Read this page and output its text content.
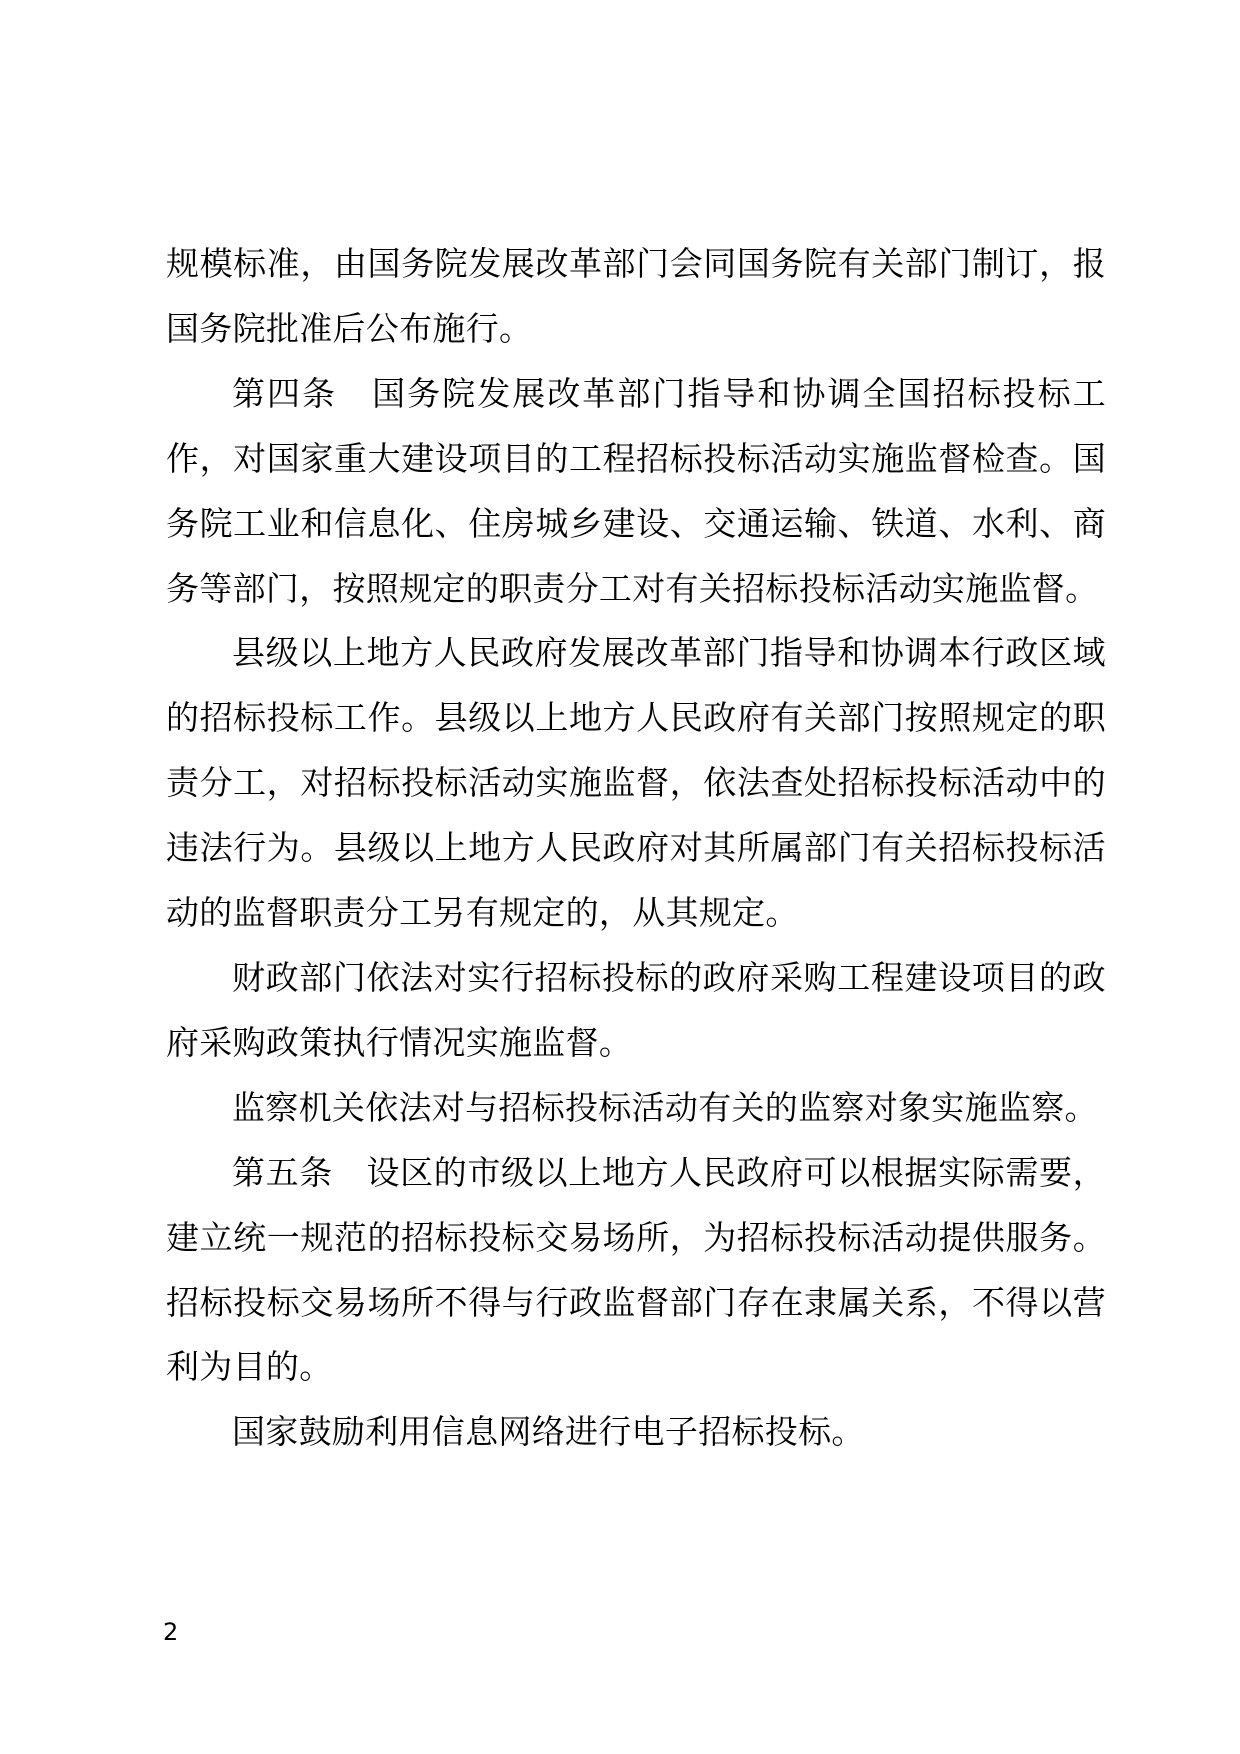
规模标准，由国务院发展改革部门会同国务院有关部门制订，报国务院批准后公布施行。

第四条　国务院发展改革部门指导和协调全国招标投标工作，对国家重大建设项目的工程招标投标活动实施监督检查。国务院工业和信息化、住房城乡建设、交通运输、铁道、水利、商务等部门，按照规定的职责分工对有关招标投标活动实施监督。

县级以上地方人民政府发展改革部门指导和协调本行政区域的招标投标工作。县级以上地方人民政府有关部门按照规定的职责分工，对招标投标活动实施监督，依法查处招标投标活动中的违法行为。县级以上地方人民政府对其所属部门有关招标投标活动的监督职责分工另有规定的，从其规定。

财政部门依法对实行招标投标的政府采购工程建设项目的政府采购政策执行情况实施监督。

监察机关依法对与招标投标活动有关的监察对象实施监察。

第五条　设区的市级以上地方人民政府可以根据实际需要，建立统一规范的招标投标交易场所，为招标投标活动提供服务。招标投标交易场所不得与行政监督部门存在隶属关系，不得以营利为目的。

国家鼓励利用信息网络进行电子招标投标。

2
